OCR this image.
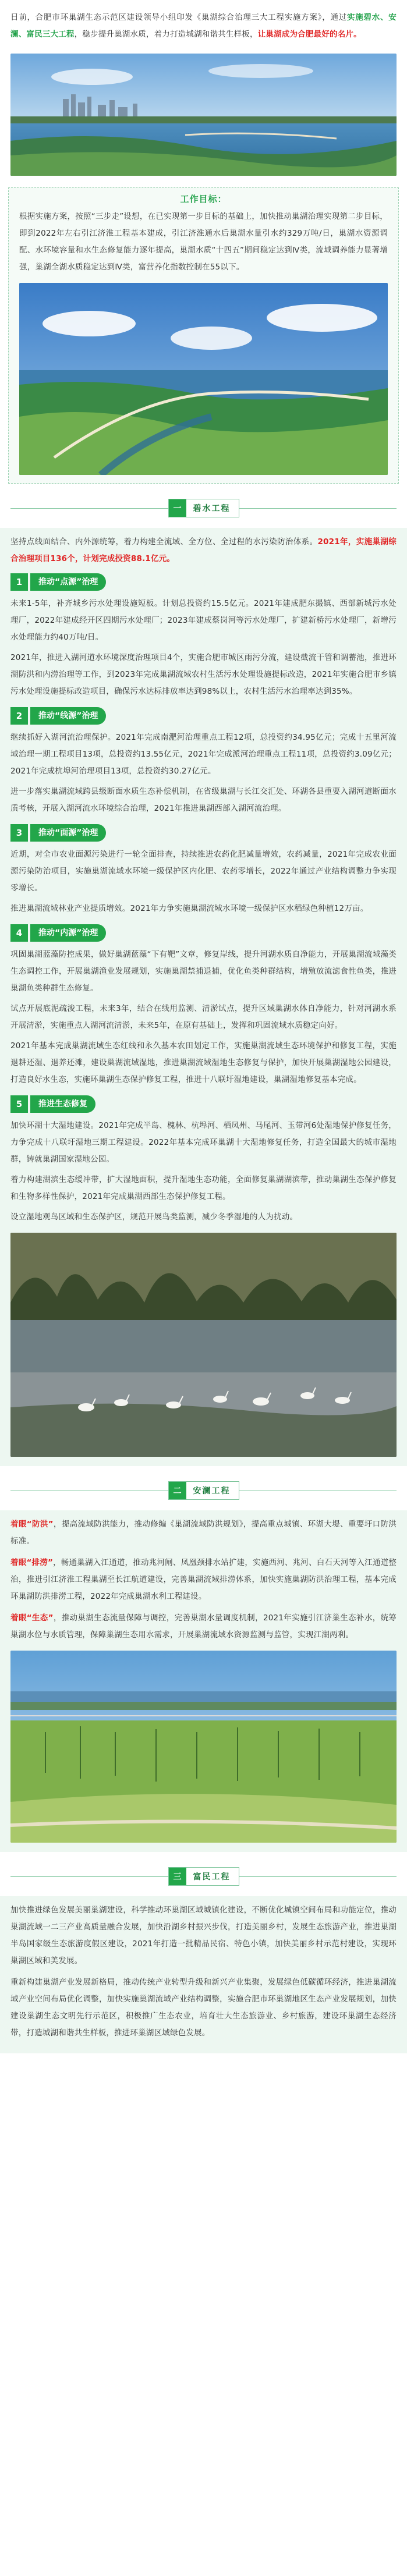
日前，合肥市环巢湖生态示范区建设领导小组印发《巢湖综合治理三大工程实施方案》，通过实施碧水、安澜、富民三大工程，稳步提升巢湖水质，着力打造城湖和谐共生样板，让巢湖成为合肥最好的名片。

工作目标：

根据实施方案，按照“三步走”设想，在已实现第一步目标的基础上，加快推动巢湖治理实现第二步目标，即到2022年左右引江济淮工程基本建成，引江济淮通水后巢湖水量引水约329万吨/日，巢湖水资源调配、水环境容量和水生态修复能力逐年提高，巢湖水质“十四五”期间稳定达到Ⅳ类，流域调养能力显著增强，巢湖全湖水质稳定达到Ⅳ类，富营养化指数控制在55以下。

一	碧水工程

坚持点线面结合、内外源统筹，着力构建全流域、全方位、全过程的水污染防治体系。2021年，实施巢湖综合治理项目136个，计划完成投资88.1亿元。

1	推动“点源”治理

未来1-5年，补齐城乡污水处理设施短板。计划总投资约15.5亿元。2021年建成肥东撮镇、西部新城污水处理厂，2022年建成经开区四期污水处理厂；2023年建成蔡岗河等污水处理厂，扩建新桥污水处理厂，新增污水处理能力约40万吨/日。

2021年，推进入湖河道水环境深度治理项目4个，实施合肥市城区雨污分流，建设截流干管和调蓄池，推进环湖防洪和内涝治理等工作，到2023年完成巢湖流域农村生活污水处理设施提标改造，2021年实施合肥市乡镇污水处理设施提标改造项目，确保污水达标排放率达到98%以上，农村生活污水治理率达到35%。

2	推动“线源”治理

继续抓好入湖河流治理保护。2021年完成南淝河治理重点工程12项，总投资约34.95亿元；完成十五里河流域治理一期工程项目13项，总投资约13.55亿元，2021年完成派河治理重点工程11项，总投资约3.09亿元；2021年完成杭埠河治理项目13项，总投资约30.27亿元。

进一步落实巢湖流域跨县级断面水质生态补偿机制，在省级巢湖与长江交汇处、环湖各县重要入湖河道断面水质考核，开展入湖河流水环境综合治理，2021年推进巢湖西部入湖河流治理。

3	推动“面源”治理

近期，对全市农业面源污染进行一轮全面排查，持续推进农药化肥减量增效，农药减量，2021年完成农业面源污染防治项目，实施巢湖流域水环境一级保护区内化肥、农药零增长，2022年通过产业结构调整力争实现零增长。

推进巢湖流域林业产业提质增效。2021年力争实施巢湖流域水环境一级保护区水稻绿色种植12万亩。

4	推动“内源”治理

巩固巢湖蓝藻防控成果，做好巢湖蓝藻“下有靶”文章，修复岸线，提升河湖水质自净能力，开展巢湖流域藻类生态调控工作，开展巢湖渔业发展规划，实施巢湖禁捕退捕，优化鱼类种群结构，增殖放流滤食性鱼类，推进巢湖鱼类种群生态修复。

试点开展底泥疏浚工程，未来3年，结合在线用监测、清淤试点，提升区域巢湖水体自净能力，针对河湖水系开展清淤，实施重点人湖河流清淤，未来5年，在原有基础上，发挥和巩固流域水质稳定向好。

2021年基本完成巢湖流域生态红线和永久基本农田划定工作，实施巢湖流域生态环境保护和修复工程，实施退耕还湿、退养还滩，建设巢湖流域湿地，推进巢湖流域湿地生态修复与保护，加快开展巢湖湿地公园建设，打造良好水生态，实施环巢湖生态保护修复工程，推进十八联圩湿地建设，巢湖湿地修复基本完成。

5	推进生态修复

加快环湖十大湿地建设。2021年完成半岛、槐林、杭埠河、栖凤州、马尾河、玉带河6处湿地保护修复任务，力争完成十八联圩湿地三期工程建设。2022年基本完成环巢湖十大湿地修复任务，打造全国最大的城市湿地群，铸就巢湖国家湿地公园。

着力构建湖滨生态缓冲带，扩大湿地面积，提升湿地生态功能，全面修复巢湖湖滨带，推动巢湖生态保护修复和生物多样性保护，2021年完成巢湖西部生态保护修复工程。

设立湿地观鸟区域和生态保护区，规范开展鸟类监测，减少冬季湿地的人为扰动。

二	安澜工程

着眼“防洪”，提高流域防洪能力，推动修编《巢湖流域防洪规划》，提高重点城镇、环湖大堤、重要圩口防洪标准。

着眼“排涝”，畅通巢湖入江通道，推动兆河闸、凤凰颈排水站扩建，实施西河、兆河、白石天河等入江通道整治，推进引江济淮工程巢湖至长江航道建设，完善巢湖流域排涝体系，加快实施巢湖防洪治理工程，基本完成环巢湖防洪排涝工程，2022年完成巢湖水利工程建设。

着眼“生态”，推动巢湖生态流量保障与调控，完善巢湖水量调度机制，2021年实施引江济巢生态补水，统筹巢湖水位与水质管理，保障巢湖生态用水需求，开展巢湖流域水资源监测与监管，实现江湖两利。

三	富民工程

加快推进绿色发展美丽巢湖建设，科学推动环巢湖区域城镇化建设，不断优化城镇空间布局和功能定位，推动巢湖流域一二三产业高质量融合发展，加快沿湖乡村振兴步伐，打造美丽乡村，发展生态旅游产业，推进巢湖半岛国家级生态旅游度假区建设，2021年打造一批精品民宿、特色小镇，加快美丽乡村示范村建设，实现环巢湖区域和美发展。

重新构建巢湖产业发展新格局，推动传统产业转型升级和新兴产业集聚，发展绿色低碳循环经济，推进巢湖流域产业空间布局优化调整，加快实施巢湖流域产业结构调整，实施合肥市环巢湖地区生态产业发展规划，加快建设巢湖生态文明先行示范区，积极推广生态农业，培育壮大生态旅游业、乡村旅游，建设环巢湖生态经济带，打造城湖和谐共生样板，推进环巢湖区域绿色发展。
